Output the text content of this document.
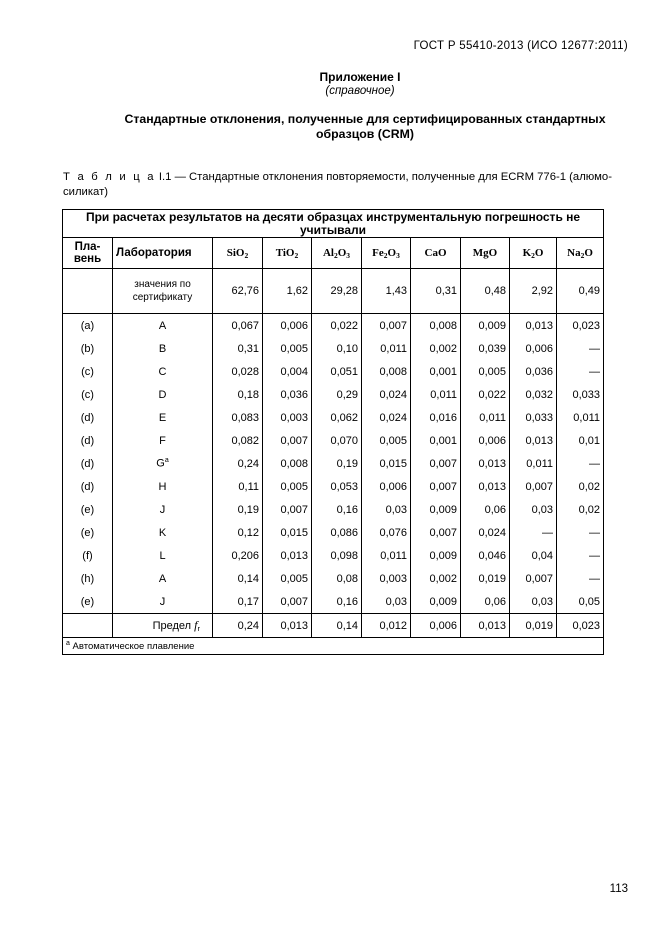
ГОСТ Р 55410-2013 (ИСО 12677:2011)
Приложение I
(справочное)
Стандартные отклонения, полученные для сертифицированных стандартных образцов (CRM)
Т а б л и ц а I.1 — Стандартные отклонения повторяемости, полученные для ECRM 776-1 (алюмо-силикат)
При расчетах результатов на десяти образцах инструментальную погрешность не учитывали									
Пла-вень	Лаборатория	SiO$_2$	TiO$_2$	$Al_2O_3$	$Fe_2O_3$	CaO	MgO	$K_2O$	$Na_2O$
	значения по сертификату	62,76	1,62	29,28	1,43	0,31	0,48	2,92	0,49
(a)	A	0,067	0,006	0,022	0,007	0,008	0,009	0,013	0,023
(b)	B	0,31	0,005	0,10	0,011	0,002	0,039	0,006	—
(c)	C	0,028	0,004	0,051	0,008	0,001	0,005	0,036	—
(c)	D	0,18	0,036	0,29	0,024	0,011	0,022	0,032	0,033
(d)	E	0,083	0,003	0,062	0,024	0,016	0,011	0,033	0,011
(d)	F	0,082	0,007	0,070	0,005	0,001	0,006	0,013	0,01
(d)	$G^a$	0,24	0,008	0,19	0,015	0,007	0,013	0,011	—
(d)	H	0,11	0,005	0,053	0,006	0,007	0,013	0,007	0,02
(e)	J	0,19	0,007	0,16	0,03	0,009	0,06	0,03	0,02
(e)	K	0,12	0,015	0,086	0,076	0,007	0,024	—	—
(f)	L	0,206	0,013	0,098	0,011	0,009	0,046	0,04	—
(h)	A	0,14	0,005	0,08	0,003	0,002	0,019	0,007	—
(e)	J	0,17	0,007	0,16	0,03	0,009	0,06	0,03	0,05
	Предел $f_r$	0,24	0,013	0,14	0,012	0,006	0,013	0,019	0,023
$^a$ Автоматическое плавление									
113
